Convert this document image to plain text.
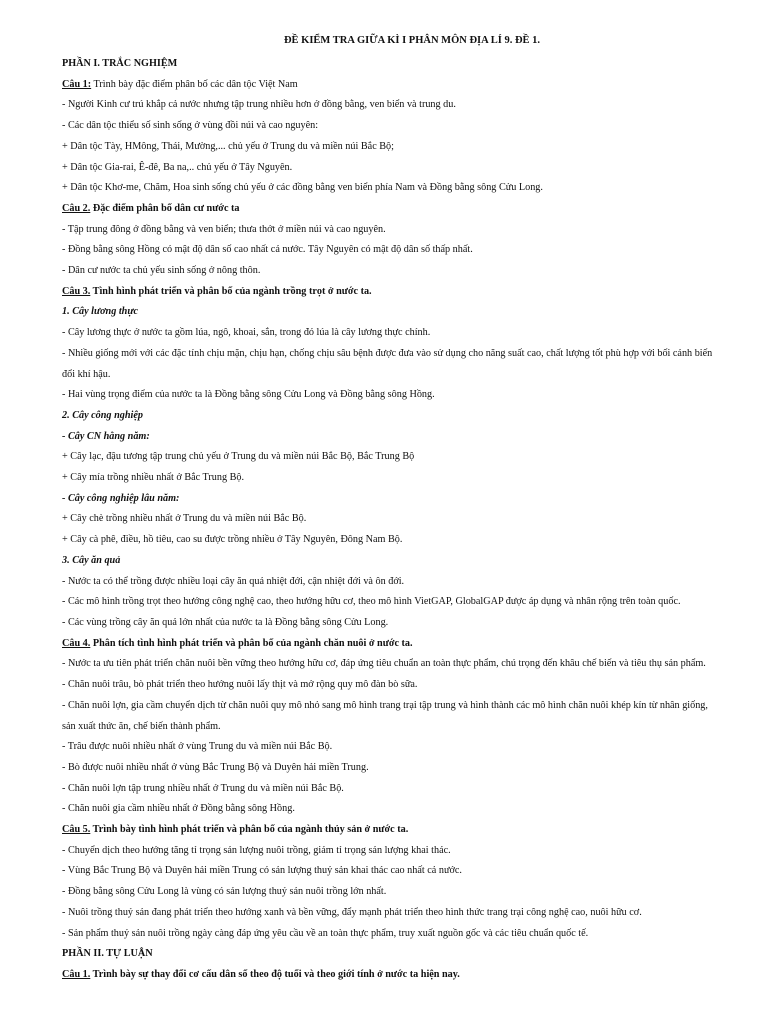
ĐỀ KIỂM TRA GIỮA KÌ I PHÂN MÔN ĐỊA LÍ 9. ĐỀ 1.
PHẦN I. TRẮC NGHIỆM
Câu 1: Trình bày đặc điểm phân bố các dân tộc Việt Nam
- Người Kinh cư trú khắp cả nước nhưng tập trung nhiều hơn ở đồng bằng, ven biển và trung du.
- Các dân tộc thiểu số sinh sống ở vùng đồi núi và cao nguyên:
+ Dân tộc Tày, HMông, Thái, Mường,... chủ yếu ở Trung du và miền núi Bắc Bộ;
+ Dân tộc Gia-rai, Ê-đê, Ba na,.. chủ yếu ở Tây Nguyên.
+ Dân tộc Khơ-me, Chăm, Hoa sinh sống chủ yếu ở các đồng bằng ven biển phía Nam và Đồng bằng sông Cửu Long.
Câu 2. Đặc điểm phân bố dân cư nước ta
- Tập trung đông ở đồng bằng và ven biển; thưa thớt ở miền núi và cao nguyên.
- Đồng bằng sông Hồng có mật độ dân số cao nhất cả nước. Tây Nguyên có mật độ dân số thấp nhất.
- Dân cư nước ta chủ yếu sinh sống ở nông thôn.
Câu 3. Tình hình phát triển và phân bố của ngành trồng trọt ở nước ta.
1. Cây lương thực
- Cây lương thực ở nước ta gồm lúa, ngô, khoai, sắn, trong đó lúa là cây lương thực chính.
- Nhiều giống mới với các đặc tính chịu mặn, chịu hạn, chống chịu sâu bệnh được đưa vào sử dụng cho năng suất cao, chất lượng tốt phù hợp với bối cảnh biến đổi khí hậu.
- Hai vùng trọng điểm của nước ta là Đồng bằng sông Cửu Long và Đồng bằng sông Hồng.
2. Cây công nghiệp
- Cây CN hằng năm:
+ Cây lạc, đậu tương tập trung chủ yếu ở Trung du và miền núi Bắc Bộ, Bắc Trung Bộ
+ Cây mía trồng nhiều nhất ở Bắc Trung Bộ.
- Cây công nghiệp lâu năm:
+ Cây chè trồng nhiều nhất ở Trung du và miền núi Bắc Bộ.
+ Cây cà phê, điều, hồ tiêu, cao su được trồng nhiều ở Tây Nguyên, Đông Nam Bộ.
3. Cây ăn quả
- Nước ta có thể trồng được nhiều loại cây ăn quả nhiệt đới, cận nhiệt đới và ôn đới.
- Các mô hình trồng trọt theo hướng công nghệ cao, theo hướng hữu cơ, theo mô hình VietGAP, GlobalGAP được áp dụng và nhân rộng trên toàn quốc.
- Các vùng trồng cây ăn quả lớn nhất của nước ta là Đồng bằng sông Cửu Long.
Câu 4. Phân tích tình hình phát triển và phân bố của ngành chăn nuôi ở nước ta.
- Nước ta ưu tiên phát triển chăn nuôi bền vững theo hướng hữu cơ, đáp ứng tiêu chuẩn an toàn thực phẩm, chú trọng đến khâu chế biến và tiêu thụ sản phẩm.
- Chăn nuôi trâu, bò phát triển theo hướng nuôi lấy thịt và mở rộng quy mô đàn bò sữa.
- Chăn nuôi lợn, gia cầm chuyển dịch từ chăn nuôi quy mô nhỏ sang mô hình trang trại tập trung và hình thành các mô hình chăn nuôi khép kín từ nhân giống, sản xuất thức ăn, chế biến thành phẩm.
- Trâu được nuôi nhiều nhất ở vùng Trung du và miền núi Bắc Bộ.
- Bò được nuôi nhiều nhất ở vùng Bắc Trung Bộ và Duyên hải miền Trung.
- Chăn nuôi lợn tập trung nhiều nhất ở Trung du và miền núi Bắc Bộ.
- Chăn nuôi gia cầm nhiều nhất ở Đồng bằng sông Hồng.
Câu 5. Trình bày tình hình phát triển và phân bố của ngành thủy sản ở nước ta.
- Chuyển dịch theo hướng tăng tỉ trọng sản lượng nuôi trồng, giảm tỉ trọng sản lượng khai thác.
- Vùng Bắc Trung Bộ và Duyên hải miền Trung có sản lượng thuỷ sản khai thác cao nhất cả nước.
- Đồng bằng sông Cửu Long là vùng có sản lượng thuỷ sản nuôi trồng lớn nhất.
- Nuôi trồng thuỷ sản đang phát triển theo hướng xanh và bền vững, đẩy mạnh phát triển theo hình thức trang trại công nghệ cao, nuôi hữu cơ.
- Sản phẩm thuỷ sản nuôi trồng ngày càng đáp ứng yêu cầu về an toàn thực phẩm, truy xuất nguồn gốc và các tiêu chuẩn quốc tế.
PHẦN II. TỰ LUẬN
Câu 1. Trình bày sự thay đổi cơ cấu dân số theo độ tuổi và theo giới tính ở nước ta hiện nay.
